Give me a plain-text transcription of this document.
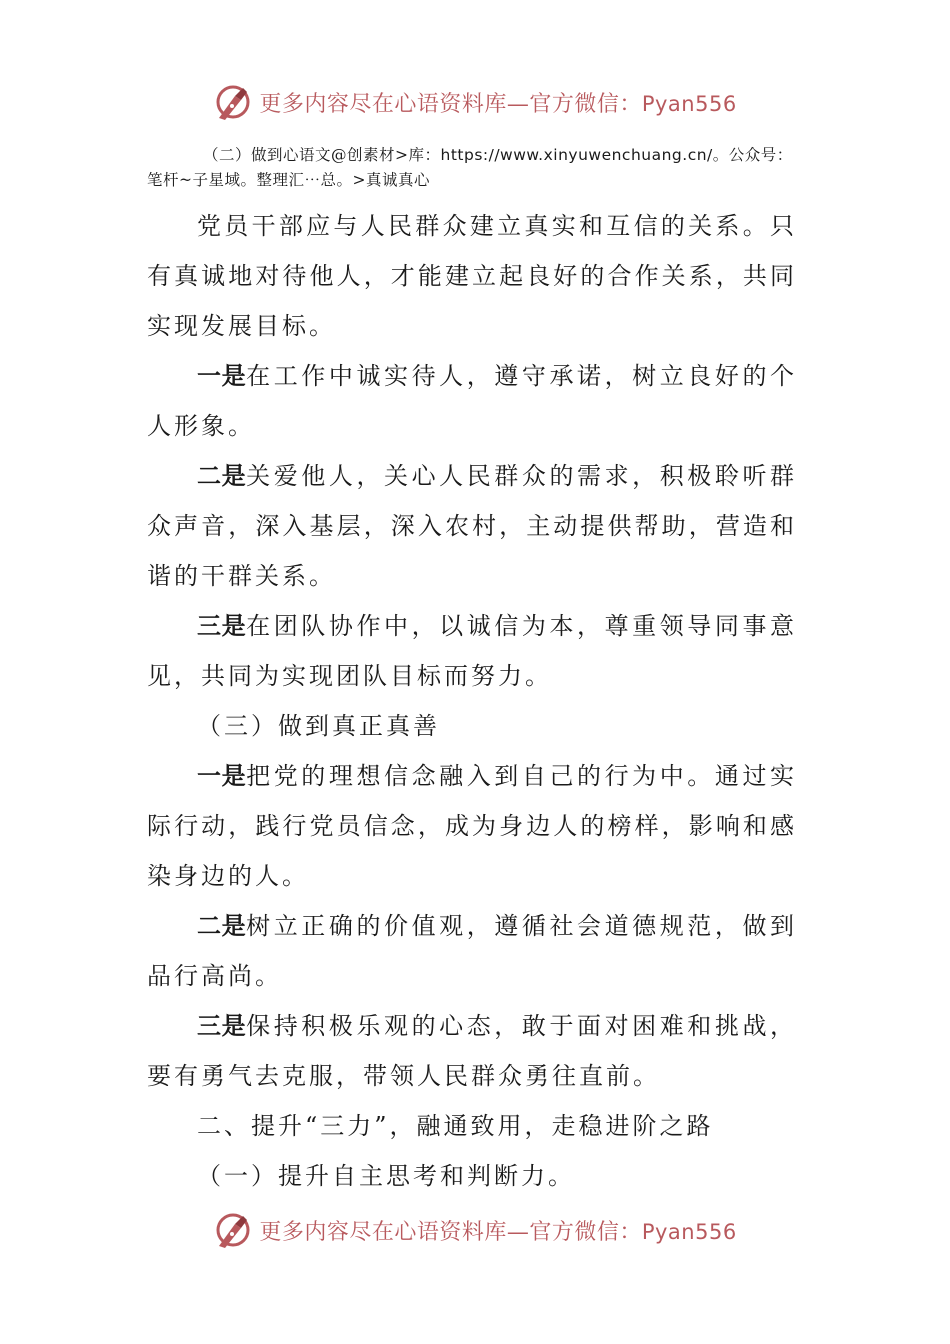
更多内容尽在心语资料库—官方微信：Pyan556

（二）做到心语文@创素材>库：https://www.xinyuwenchuang.cn/。公众号：笔杆~子星域。整理汇⋯总。>真诚真心

党员干部应与人民群众建立真实和互信的关系。只有真诚地对待他人，才能建立起良好的合作关系，共同实现发展目标。

一是在工作中诚实待人，遵守承诺，树立良好的个人形象。

二是关爱他人，关心人民群众的需求，积极聆听群众声音，深入基层，深入农村，主动提供帮助，营造和谐的干群关系。

三是在团队协作中，以诚信为本，尊重领导同事意见，共同为实现团队目标而努力。

（三）做到真正真善

一是把党的理想信念融入到自己的行为中。通过实际行动，践行党员信念，成为身边人的榜样，影响和感染身边的人。

二是树立正确的价值观，遵循社会道德规范，做到品行高尚。

三是保持积极乐观的心态，敢于面对困难和挑战，要有勇气去克服，带领人民群众勇往直前。

二、提升“三力”，融通致用，走稳进阶之路

（一）提升自主思考和判断力。

更多内容尽在心语资料库—官方微信：Pyan556
